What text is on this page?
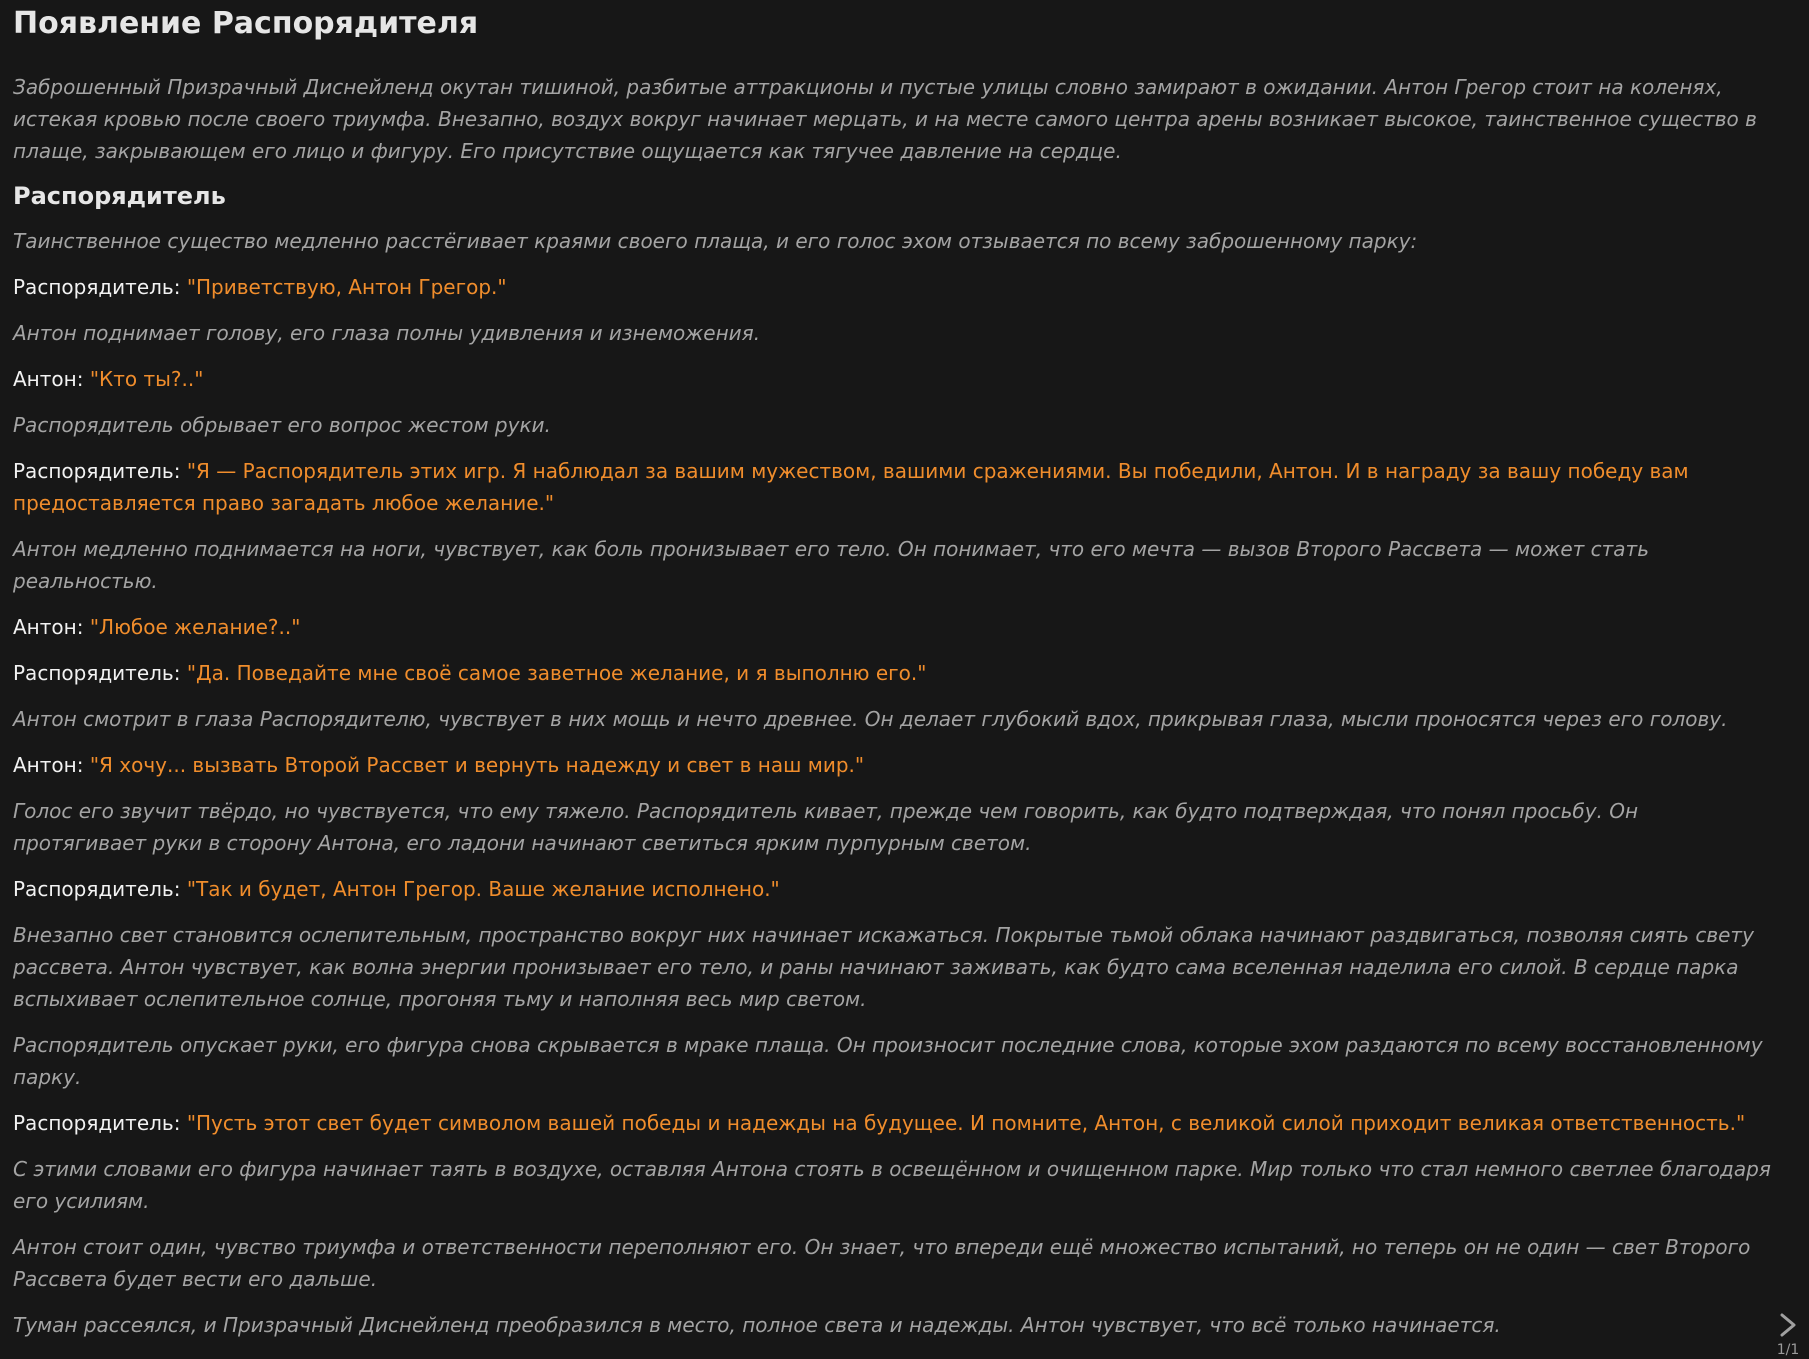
Появление Распорядителя

Заброшенный Призрачный Диснейленд окутан тишиной, разбитые аттракционы и пустые улицы словно замирают в ожидании. Антон Грегор стоит на коленях, истекая кровью после своего триумфа. Внезапно, воздух вокруг начинает мерцать, и на месте самого центра арены возникает высокое, таинственное существо в плаще, закрывающем его лицо и фигуру. Его присутствие ощущается как тягучее давление на сердце.

Распорядитель

Таинственное существо медленно расстёгивает краями своего плаща, и его голос эхом отзывается по всему заброшенному парку:

Распорядитель: "Приветствую, Антон Грегор."

Антон поднимает голову, его глаза полны удивления и изнеможения.

Антон: "Кто ты?.."

Распорядитель обрывает его вопрос жестом руки.

Распорядитель: "Я — Распорядитель этих игр. Я наблюдал за вашим мужеством, вашими сражениями. Вы победили, Антон. И в награду за вашу победу вам предоставляется право загадать любое желание."

Антон медленно поднимается на ноги, чувствует, как боль пронизывает его тело. Он понимает, что его мечта — вызов Второго Рассвета — может стать реальностью.

Антон: "Любое желание?.."

Распорядитель: "Да. Поведайте мне своё самое заветное желание, и я выполню его."

Антон смотрит в глаза Распорядителю, чувствует в них мощь и нечто древнее. Он делает глубокий вдох, прикрывая глаза, мысли проносятся через его голову.

Антон: "Я хочу... вызвать Второй Рассвет и вернуть надежду и свет в наш мир."

Голос его звучит твёрдо, но чувствуется, что ему тяжело. Распорядитель кивает, прежде чем говорить, как будто подтверждая, что понял просьбу. Он протягивает руки в сторону Антона, его ладони начинают светиться ярким пурпурным светом.

Распорядитель: "Так и будет, Антон Грегор. Ваше желание исполнено."

Внезапно свет становится ослепительным, пространство вокруг них начинает искажаться. Покрытые тьмой облака начинают раздвигаться, позволяя сиять свету рассвета. Антон чувствует, как волна энергии пронизывает его тело, и раны начинают заживать, как будто сама вселенная наделила его силой. В сердце парка вспыхивает ослепительное солнце, прогоняя тьму и наполняя весь мир светом.

Распорядитель опускает руки, его фигура снова скрывается в мраке плаща. Он произносит последние слова, которые эхом раздаются по всему восстановленному парку.

Распорядитель: "Пусть этот свет будет символом вашей победы и надежды на будущее. И помните, Антон, с великой силой приходит великая ответственность."

С этими словами его фигура начинает таять в воздухе, оставляя Антона стоять в освещённом и очищенном парке. Мир только что стал немного светлее благодаря его усилиям.

Антон стоит один, чувство триумфа и ответственности переполняют его. Он знает, что впереди ещё множество испытаний, но теперь он не один — свет Второго Рассвета будет вести его дальше.

Туман рассеялся, и Призрачный Диснейленд преобразился в место, полное света и надежды. Антон чувствует, что всё только начинается.

1/1
